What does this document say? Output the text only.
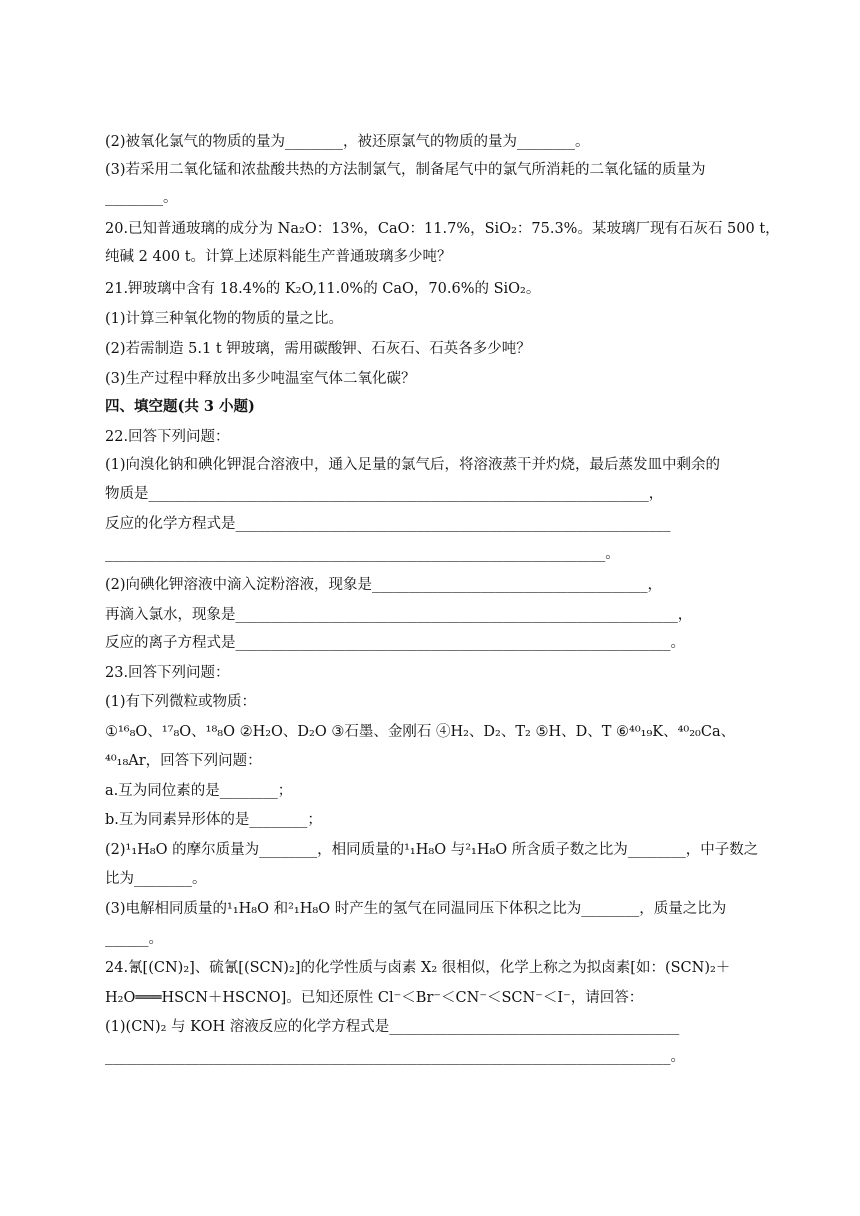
(2)被氧化氯气的物质的量为________，被还原氯气的物质的量为________。
(3)若采用二氧化锰和浓盐酸共热的方法制氯气，制备尾气中的氯气所消耗的二氧化锰的质量为
________。
20.已知普通玻璃的成分为 Na₂O：13%，CaO：11.7%，SiO₂：75.3%。某玻璃厂现有石灰石 500 t，
纯碱 2 400 t。计算上述原料能生产普通玻璃多少吨？
21.钾玻璃中含有 18.4%的 K₂O,11.0%的 CaO，70.6%的 SiO₂。
(1)计算三种氧化物的物质的量之比。
(2)若需制造 5.1 t 钾玻璃，需用碳酸钾、石灰石、石英各多少吨？
(3)生产过程中释放出多少吨温室气体二氧化碳？
四、填空题(共 3 小题)
22.回答下列问题：
(1)向溴化钠和碘化钾混合溶液中，通入足量的氯气后，将溶液蒸干并灼烧，最后蒸发皿中剩余的
物质是_____________________________________________________________________，
反应的化学方程式是____________________________________________________________
_____________________________________________________________________。
(2)向碘化钾溶液中滴入淀粉溶液，现象是______________________________________，
再滴入氯水，现象是_____________________________________________________________，
反应的离子方程式是____________________________________________________________。
23.回答下列问题：
(1)有下列微粒或物质：
①¹⁶₈O、¹⁷₈O、¹⁸₈O ②H₂O、D₂O ③石墨、金刚石 ④H₂、D₂、T₂ ⑤H、D、T ⑥⁴⁰₁₉K、⁴⁰₂₀Ca、
⁴⁰₁₈Ar，回答下列问题：
a.互为同位素的是________；
b.互为同素异形体的是________；
(2)¹₁H₈O 的摩尔质量为________，相同质量的¹₁H₈O 与²₁H₈O 所含质子数之比为________，中子数之
比为________。
(3)电解相同质量的¹₁H₈O 和²₁H₈O 时产生的氢气在同温同压下体积之比为________，质量之比为
______。
24.氰[(CN)₂]、硫氰[(SCN)₂]的化学性质与卤素 X₂ 很相似，化学上称之为拟卤素[如：(SCN)₂＋
H₂O═══HSCN＋HSCNO]。已知还原性 Cl⁻＜Br⁻＜CN⁻＜SCN⁻＜I⁻，请回答：
(1)(CN)₂ 与 KOH 溶液反应的化学方程式是________________________________________
______________________________________________________________________________。
